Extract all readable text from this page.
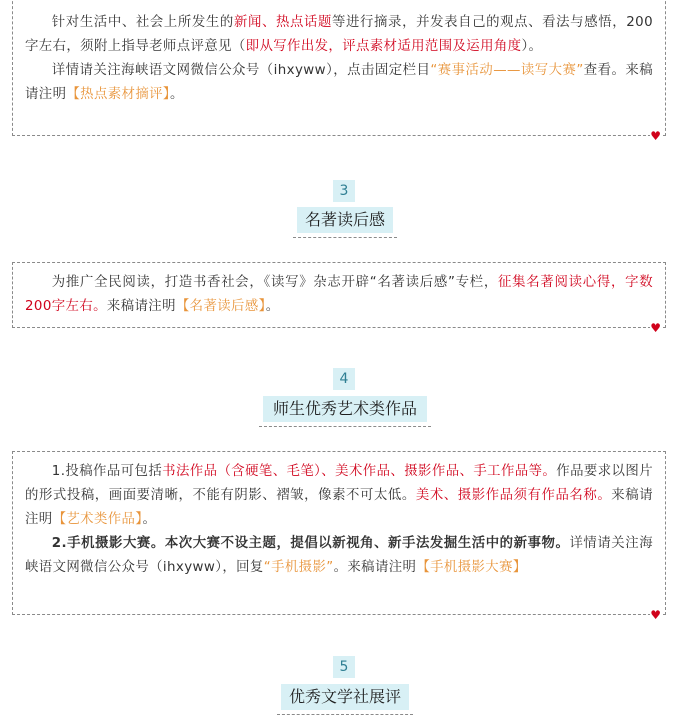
针对生活中、社会上所发生的新闻、热点话题等进行摘录，并发表自己的观点、看法与感悟，200字左右，须附上指导老师点评意见（即从写作出发，评点素材适用范围及运用角度）。

详情请关注海峡语文网微信公众号（ihxyww），点击固定栏目“赛事活动——读写大赛”查看。来稿请注明【热点素材摘评】。

♥
3
名著读后感

为推广全民阅读，打造书香社会，《读写》杂志开辟“名著读后感”专栏，征集名著阅读心得，字数200字左右。来稿请注明【名著读后感】。

♥
4
师生优秀艺术类作品

1.投稿作品可包括书法作品（含硬笔、毛笔）、美术作品、摄影作品、手工作品等。作品要求以图片的形式投稿，画面要清晰，不能有阴影、褶皱，像素不可太低。美术、摄影作品须有作品名称。来稿请注明【艺术类作品】。

2.手机摄影大赛。本次大赛不设主题，提倡以新视角、新手法发掘生活中的新事物。详情请关注海峡语文网微信公众号（ihxyww），回复“手机摄影”。来稿请注明【手机摄影大赛】

♥
5
优秀文学社展评
